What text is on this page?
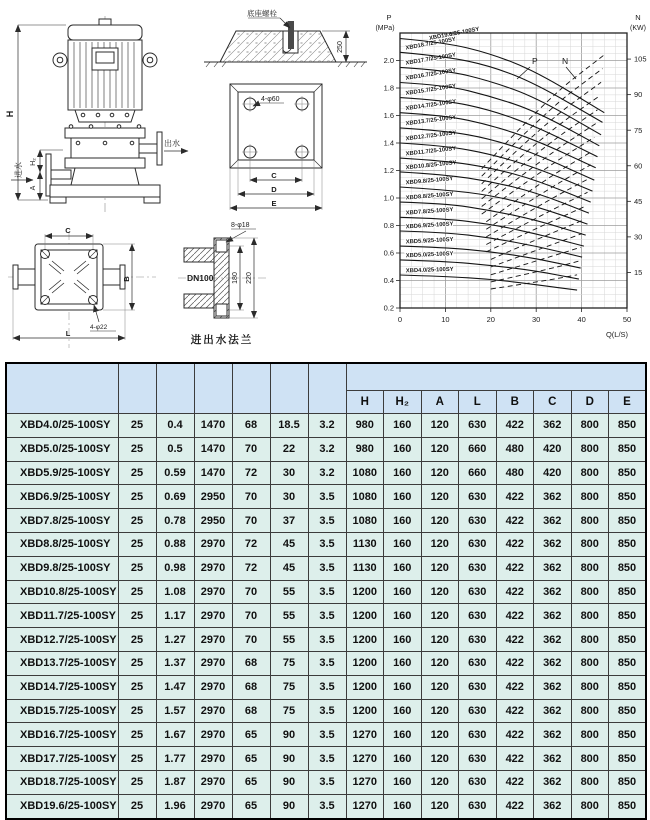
H
H₂
A
进水
出水
底座螺栓
250
4-φ60
C
D
E
C
B
L
4-φ22
8-φ18
DN100	180 220
进出水法兰
XBD4.0/25-100SY
XBD5.0/25-100SY
XBD5.9/25-100SY
XBD6.9/25-100SY
XBD7.8/25-100SY
XBD8.8/25-100SY
XBD9.8/25-100SY
XBD10.8/25-100SY
XBD11.7/25-100SY
XBD12.7/25-100SY
XBD13.7/25-100SY
XBD14.7/25-100SY
XBD15.7/25-100SY
XBD16.7/25-100SY
XBD17.7/25-100SY
XBD18.7/25-100SY
XBD19.6/25-100SY
0.2
0.4
0.6
0.8
1.0
1.2
1.4
1.6
1.8
2.0
15
30
45
60
75
90
105
0	10	20	30	40	50
P
(MPa)
N
(KW)
Q(L/S)
P	N

							H	H₂	A	L	B	C	D	E
XBD4.0/25-100SY	25	0.4	1470	68	18.5	3.2	980	160	120	630	422	362	800	850
XBD5.0/25-100SY	25	0.5	1470	70	22	3.2	980	160	120	660	480	420	800	850
XBD5.9/25-100SY	25	0.59	1470	72	30	3.2	1080	160	120	660	480	420	800	850
XBD6.9/25-100SY	25	0.69	2950	70	30	3.5	1080	160	120	630	422	362	800	850
XBD7.8/25-100SY	25	0.78	2950	70	37	3.5	1080	160	120	630	422	362	800	850
XBD8.8/25-100SY	25	0.88	2970	72	45	3.5	1130	160	120	630	422	362	800	850
XBD9.8/25-100SY	25	0.98	2970	72	45	3.5	1130	160	120	630	422	362	800	850
XBD10.8/25-100SY	25	1.08	2970	70	55	3.5	1200	160	120	630	422	362	800	850
XBD11.7/25-100SY	25	1.17	2970	70	55	3.5	1200	160	120	630	422	362	800	850
XBD12.7/25-100SY	25	1.27	2970	70	55	3.5	1200	160	120	630	422	362	800	850
XBD13.7/25-100SY	25	1.37	2970	68	75	3.5	1200	160	120	630	422	362	800	850
XBD14.7/25-100SY	25	1.47	2970	68	75	3.5	1200	160	120	630	422	362	800	850
XBD15.7/25-100SY	25	1.57	2970	68	75	3.5	1200	160	120	630	422	362	800	850
XBD16.7/25-100SY	25	1.67	2970	65	90	3.5	1270	160	120	630	422	362	800	850
XBD17.7/25-100SY	25	1.77	2970	65	90	3.5	1270	160	120	630	422	362	800	850
XBD18.7/25-100SY	25	1.87	2970	65	90	3.5	1270	160	120	630	422	362	800	850
XBD19.6/25-100SY	25	1.96	2970	65	90	3.5	1270	160	120	630	422	362	800	850
